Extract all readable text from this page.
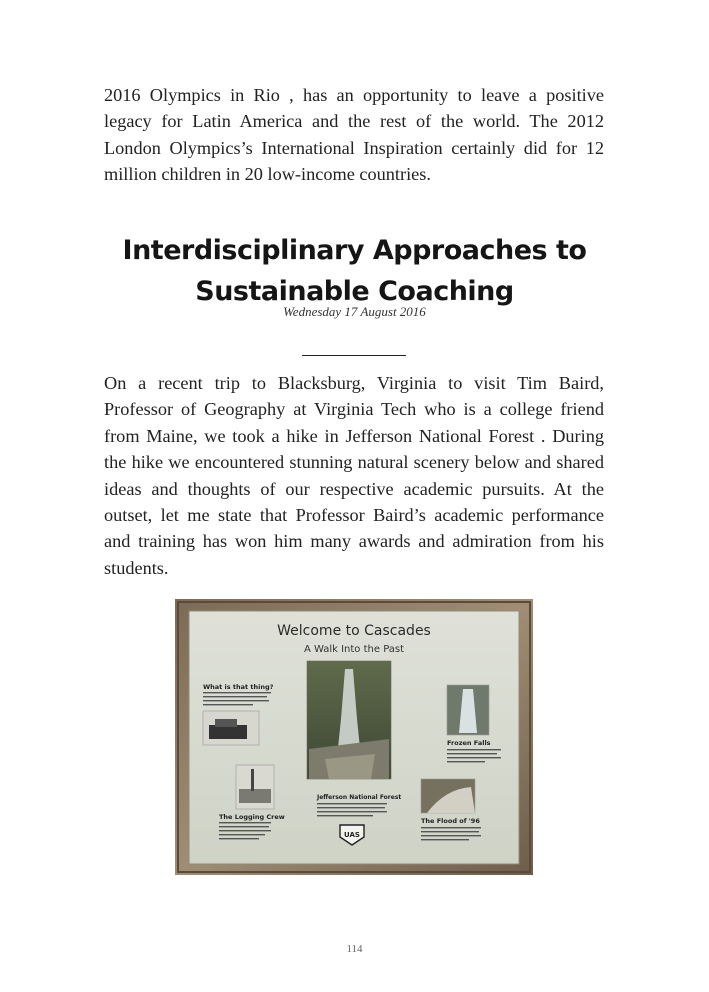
2016 Olympics in Rio , has an opportunity to leave a positive legacy for Latin America and the rest of the world. The 2012 London Olympics’s International Inspiration certainly did for 12 million children in 20 low-income countries.

Interdisciplinary Approaches to
Sustainable Coaching
Wednesday 17 August 2016

On a recent trip to Blacksburg, Virginia to visit Tim Baird, Professor of Geography at Virginia Tech who is a college friend from Maine, we took a hike in Jefferson National Forest . During the hike we encountered stunning natural scenery below and shared ideas and thoughts of our respective academic pursuits. At the outset, let me state that Professor Baird’s academic performance and training has won him many awards and admiration from his students.

Welcome to Cascades
A Walk Into the Past
What is that thing?
The Logging Crew
Jefferson National Forest
UAS
Frozen Falls
The Flood of '96
114
